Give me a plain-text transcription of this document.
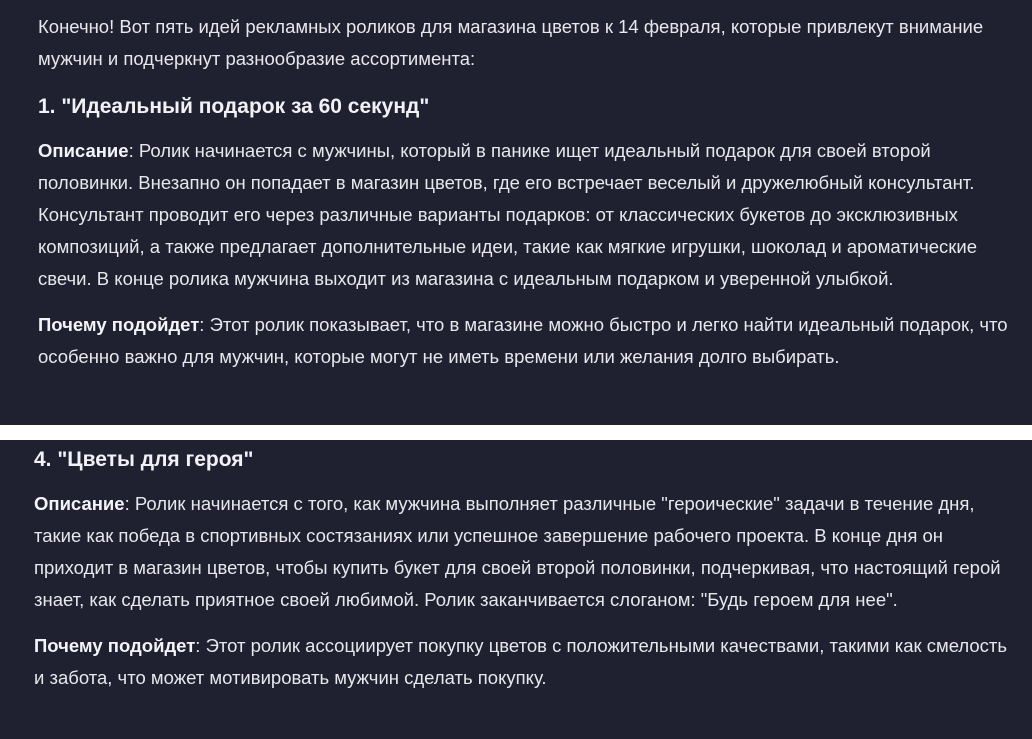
Конечно! Вот пять идей рекламных роликов для магазина цветов к 14 февраля, которые привлекут внимание мужчин и подчеркнут разнообразие ассортимента:

1. "Идеальный подарок за 60 секунд"

Описание: Ролик начинается с мужчины, который в панике ищет идеальный подарок для своей второй половинки. Внезапно он попадает в магазин цветов, где его встречает веселый и дружелюбный консультант. Консультант проводит его через различные варианты подарков: от классических букетов до эксклюзивных композиций, а также предлагает дополнительные идеи, такие как мягкие игрушки, шоколад и ароматические свечи. В конце ролика мужчина выходит из магазина с идеальным подарком и уверенной улыбкой.

Почему подойдет: Этот ролик показывает, что в магазине можно быстро и легко найти идеальный подарок, что особенно важно для мужчин, которые могут не иметь времени или желания долго выбирать.

4. "Цветы для героя"

Описание: Ролик начинается с того, как мужчина выполняет различные "героические" задачи в течение дня, такие как победа в спортивных состязаниях или успешное завершение рабочего проекта. В конце дня он приходит в магазин цветов, чтобы купить букет для своей второй половинки, подчеркивая, что настоящий герой знает, как сделать приятное своей любимой. Ролик заканчивается слоганом: "Будь героем для нее".

Почему подойдет: Этот ролик ассоциирует покупку цветов с положительными качествами, такими как смелость и забота, что может мотивировать мужчин сделать покупку.
